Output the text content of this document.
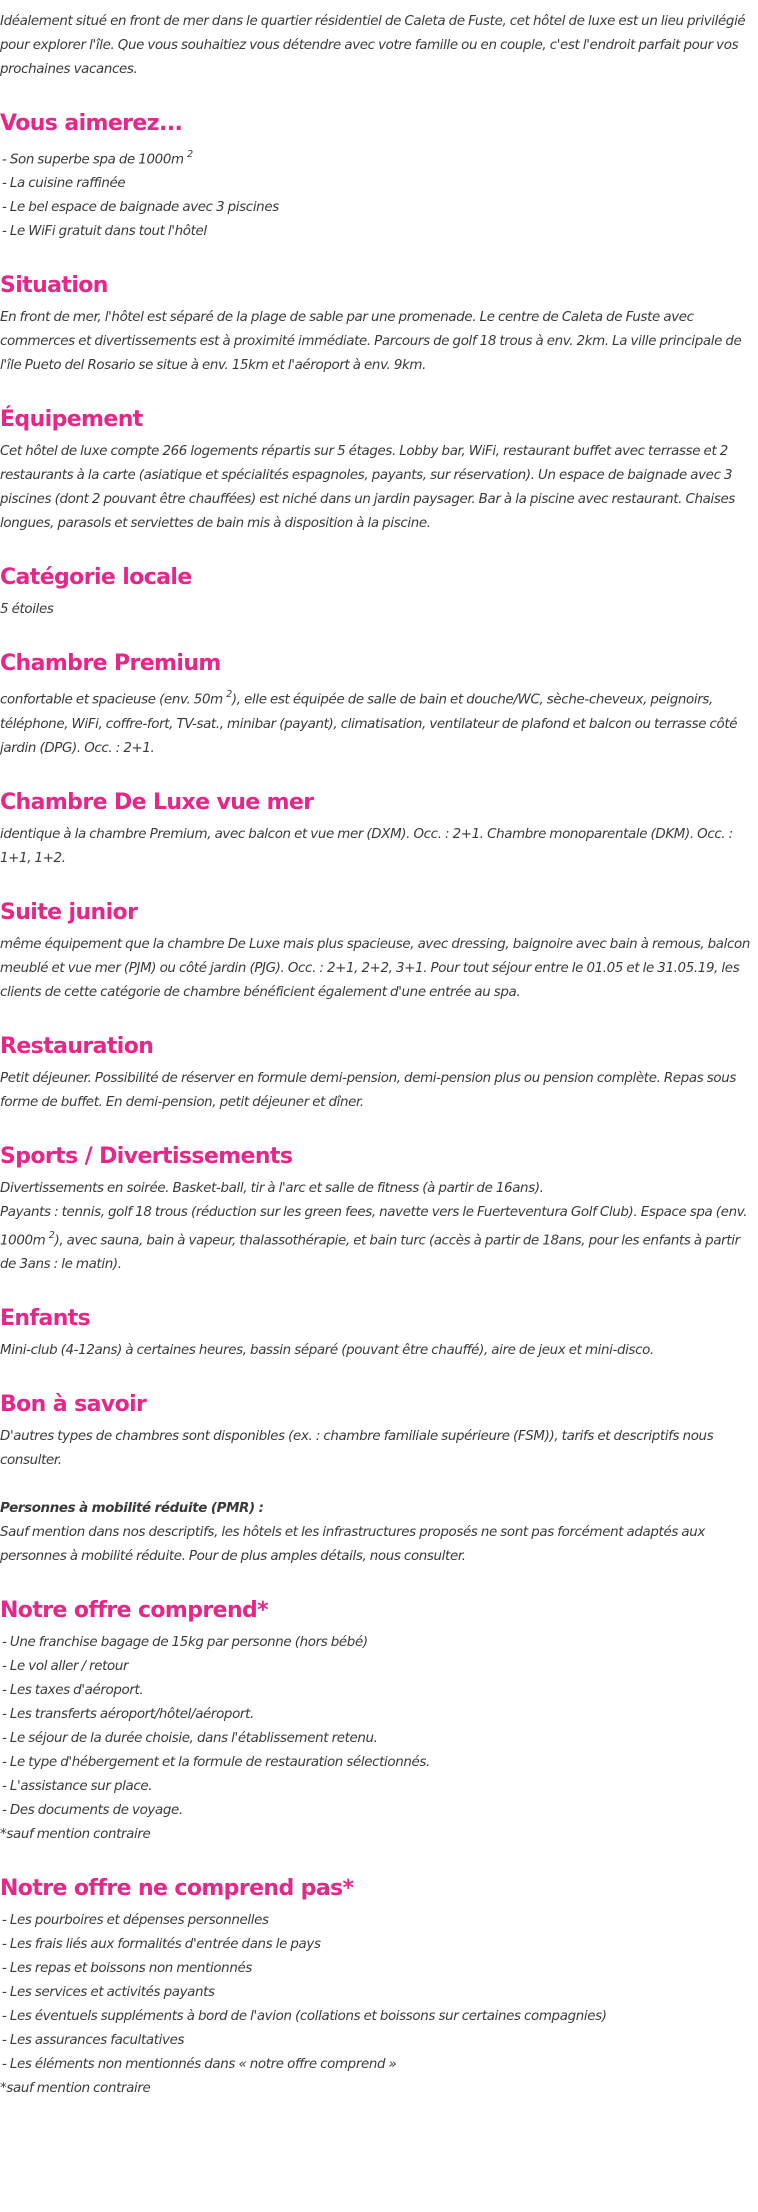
Idéalement situé en front de mer dans le quartier résidentiel de Caleta de Fuste, cet hôtel de luxe est un lieu privilégié pour explorer l'île. Que vous souhaitiez vous détendre avec votre famille ou en couple, c'est l'endroit parfait pour vos prochaines vacances.

Vous aimerez...
- Son superbe spa de 1000m $^2$
- La cuisine raffinée
- Le bel espace de baignade avec 3 piscines
- Le WiFi gratuit dans tout l'hôtel
Situation

En front de mer, l'hôtel est séparé de la plage de sable par une promenade. Le centre de Caleta de Fuste avec commerces et divertissements est à proximité immédiate. Parcours de golf 18 trous à env. 2km. La ville principale de l'île Pueto del Rosario se situe à env. 15km et l'aéroport à env. 9km.

Équipement

Cet hôtel de luxe compte 266 logements répartis sur 5 étages. Lobby bar, WiFi, restaurant buffet avec terrasse et 2 restaurants à la carte (asiatique et spécialités espagnoles, payants, sur réservation). Un espace de baignade avec 3 piscines (dont 2 pouvant être chauffées) est niché dans un jardin paysager. Bar à la piscine avec restaurant. Chaises longues, parasols et serviettes de bain mis à disposition à la piscine.

Catégorie locale

5 étoiles

Chambre Premium

confortable et spacieuse (env. 50m $^2$), elle est équipée de salle de bain et douche/WC, sèche-cheveux, peignoirs, téléphone, WiFi, coffre-fort, TV-sat., minibar (payant), climatisation, ventilateur de plafond et balcon ou terrasse côté jardin (DPG). Occ. : 2+1.

Chambre De Luxe vue mer

identique à la chambre Premium, avec balcon et vue mer (DXM). Occ. : 2+1. Chambre monoparentale (DKM). Occ. : 1+1, 1+2.

Suite junior

même équipement que la chambre De Luxe mais plus spacieuse, avec dressing, baignoire avec bain à remous, balcon meublé et vue mer (PJM) ou côté jardin (PJG). Occ. : 2+1, 2+2, 3+1. Pour tout séjour entre le 01.05 et le 31.05.19, les clients de cette catégorie de chambre bénéficient également d'une entrée au spa.

Restauration

Petit déjeuner. Possibilité de réserver en formule demi-pension, demi-pension plus ou pension complète. Repas sous forme de buffet. En demi-pension, petit déjeuner et dîner.

Sports / Divertissements

Divertissements en soirée. Basket-ball, tir à l'arc et salle de fitness (à partir de 16ans).

Payants : tennis, golf 18 trous (réduction sur les green fees, navette vers le Fuerteventura Golf Club). Espace spa (env. 1000m $^2$), avec sauna, bain à vapeur, thalassothérapie, et bain turc (accès à partir de 18ans, pour les enfants à partir de 3ans : le matin).

Enfants

Mini-club (4-12ans) à certaines heures, bassin séparé (pouvant être chauffé), aire de jeux et mini-disco.

Bon à savoir

D'autres types de chambres sont disponibles (ex. : chambre familiale supérieure (FSM)), tarifs et descriptifs nous consulter.

Personnes à mobilité réduite (PMR) :

Sauf mention dans nos descriptifs, les hôtels et les infrastructures proposés ne sont pas forcément adaptés aux personnes à mobilité réduite. Pour de plus amples détails, nous consulter.

Notre offre comprend*
- Une franchise bagage de 15kg par personne (hors bébé)
- Le vol aller / retour
- Les taxes d'aéroport.
- Les transferts aéroport/hôtel/aéroport.
- Le séjour de la durée choisie, dans l'établissement retenu.
- Le type d'hébergement et la formule de restauration sélectionnés.
- L'assistance sur place.
- Des documents de voyage.

*sauf mention contraire

Notre offre ne comprend pas*
- Les pourboires et dépenses personnelles
- Les frais liés aux formalités d'entrée dans le pays
- Les repas et boissons non mentionnés
- Les services et activités payants
- Les éventuels suppléments à bord de l'avion (collations et boissons sur certaines compagnies)
- Les assurances facultatives
- Les éléments non mentionnés dans « notre offre comprend »

*sauf mention contraire
